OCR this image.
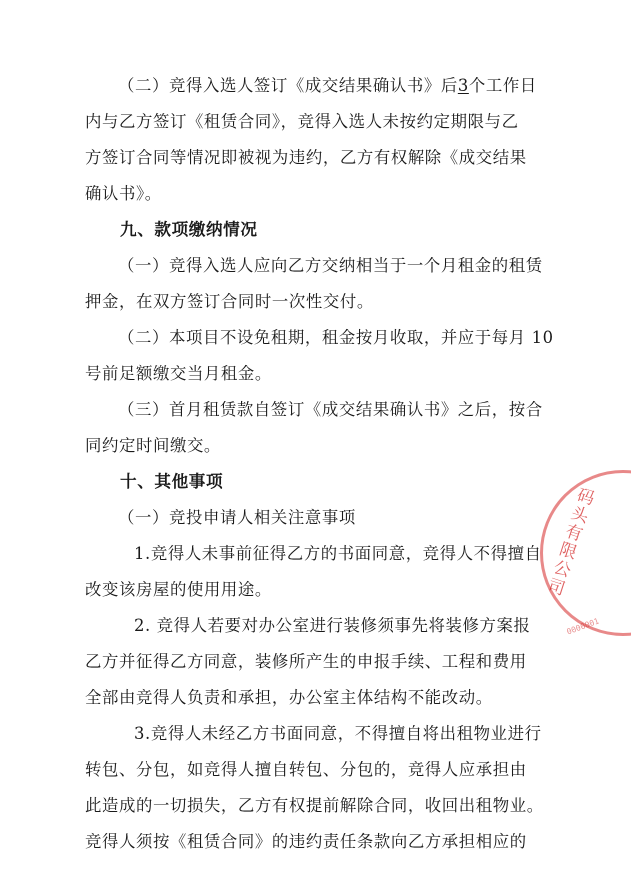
（二）竞得入选人签订《成交结果确认书》后3个工作日
内与乙方签订《租赁合同》，竞得入选人未按约定期限与乙
方签订合同等情况即被视为违约，乙方有权解除《成交结果
确认书》。
九、款项缴纳情况
（一）竞得入选人应向乙方交纳相当于一个月租金的租赁
押金，在双方签订合同时一次性交付。
（二）本项目不设免租期，租金按月收取，并应于每月 10
号前足额缴交当月租金。
（三）首月租赁款自签订《成交结果确认书》之后，按合
同约定时间缴交。
十、其他事项
（一）竞投申请人相关注意事项
1.竞得人未事前征得乙方的书面同意，竞得人不得擅自
改变该房屋的使用用途。
2. 竞得人若要对办公室进行装修须事先将装修方案报
乙方并征得乙方同意，装修所产生的申报手续、工程和费用
全部由竞得人负责和承担，办公室主体结构不能改动。
3.竞得人未经乙方书面同意，不得擅自将出租物业进行
转包、分包，如竞得人擅自转包、分包的，竞得人应承担由
此造成的一切损失，乙方有权提前解除合同，收回出租物业。
竞得人须按《租赁合同》的违约责任条款向乙方承担相应的
码头有限公司
0000001
